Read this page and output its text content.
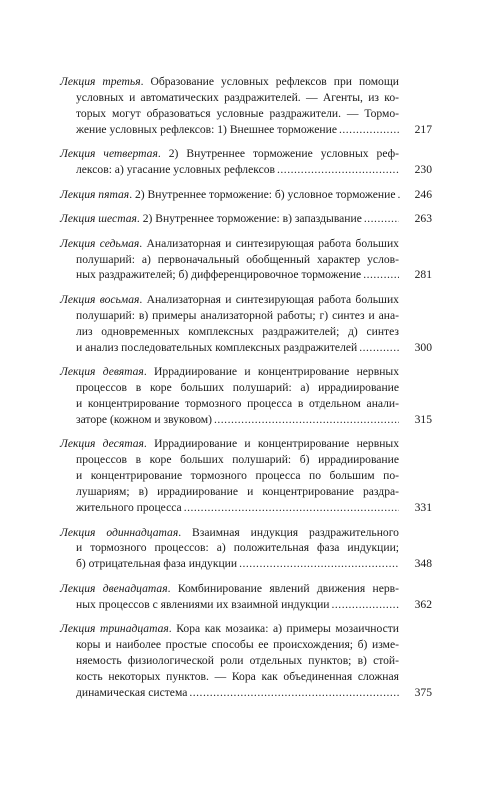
Лекция третья. Образование условных рефлексов при помощи
условных и автоматических раздражителей. — Агенты, из ко-
торых могут образоваться условные раздражители. — Тормо-
жение условных рефлексов: 1) Внешнее торможение .....	217
Лекция четвертая. 2) Внутреннее торможение условных реф-
лексов: а) угасание условных рефлексов .....	230
Лекция пятая. 2) Внутреннее торможение: б) условное торможение .....	246
Лекция шестая. 2) Внутреннее торможение: в) запаздывание .....	263
Лекция седьмая. Анализаторная и синтезирующая работа больших
полушарий: а) первоначальный обобщенный характер услов-
ных раздражителей; б) дифференцировочное торможение .....	281
Лекция восьмая. Анализаторная и синтезирующая работа больших
полушарий: в) примеры анализаторной работы; г) синтез и ана-
лиз одновременных комплексных раздражителей; д) синтез
и анализ последовательных комплексных раздражителей .....	300
Лекция девятая. Иррадиирование и концентрирование нервных
процессов в коре больших полушарий: а) иррадиирование
и концентрирование тормозного процесса в отдельном анали-
заторе (кожном и звуковом) .....	315
Лекция десятая. Иррадиирование и концентрирование нервных
процессов в коре больших полушарий: б) иррадиирование
и концентрирование тормозного процесса по большим по-
лушариям; в) иррадиирование и концентрирование раздра-
жительного процесса .....	331
Лекция одиннадцатая. Взаимная индукция раздражительного
и тормозного процессов: а) положительная фаза индукции;
б) отрицательная фаза индукции .....	348
Лекция двенадцатая. Комбинирование явлений движения нерв-
ных процессов с явлениями их взаимной индукции .....	362
Лекция тринадцатая. Кора как мозаика: а) примеры мозаичности
коры и наиболее простые способы ее происхождения; б) изме-
няемость физиологической роли отдельных пунктов; в) стой-
кость некоторых пунктов. — Кора как объединенная сложная
динамическая система .....	375
